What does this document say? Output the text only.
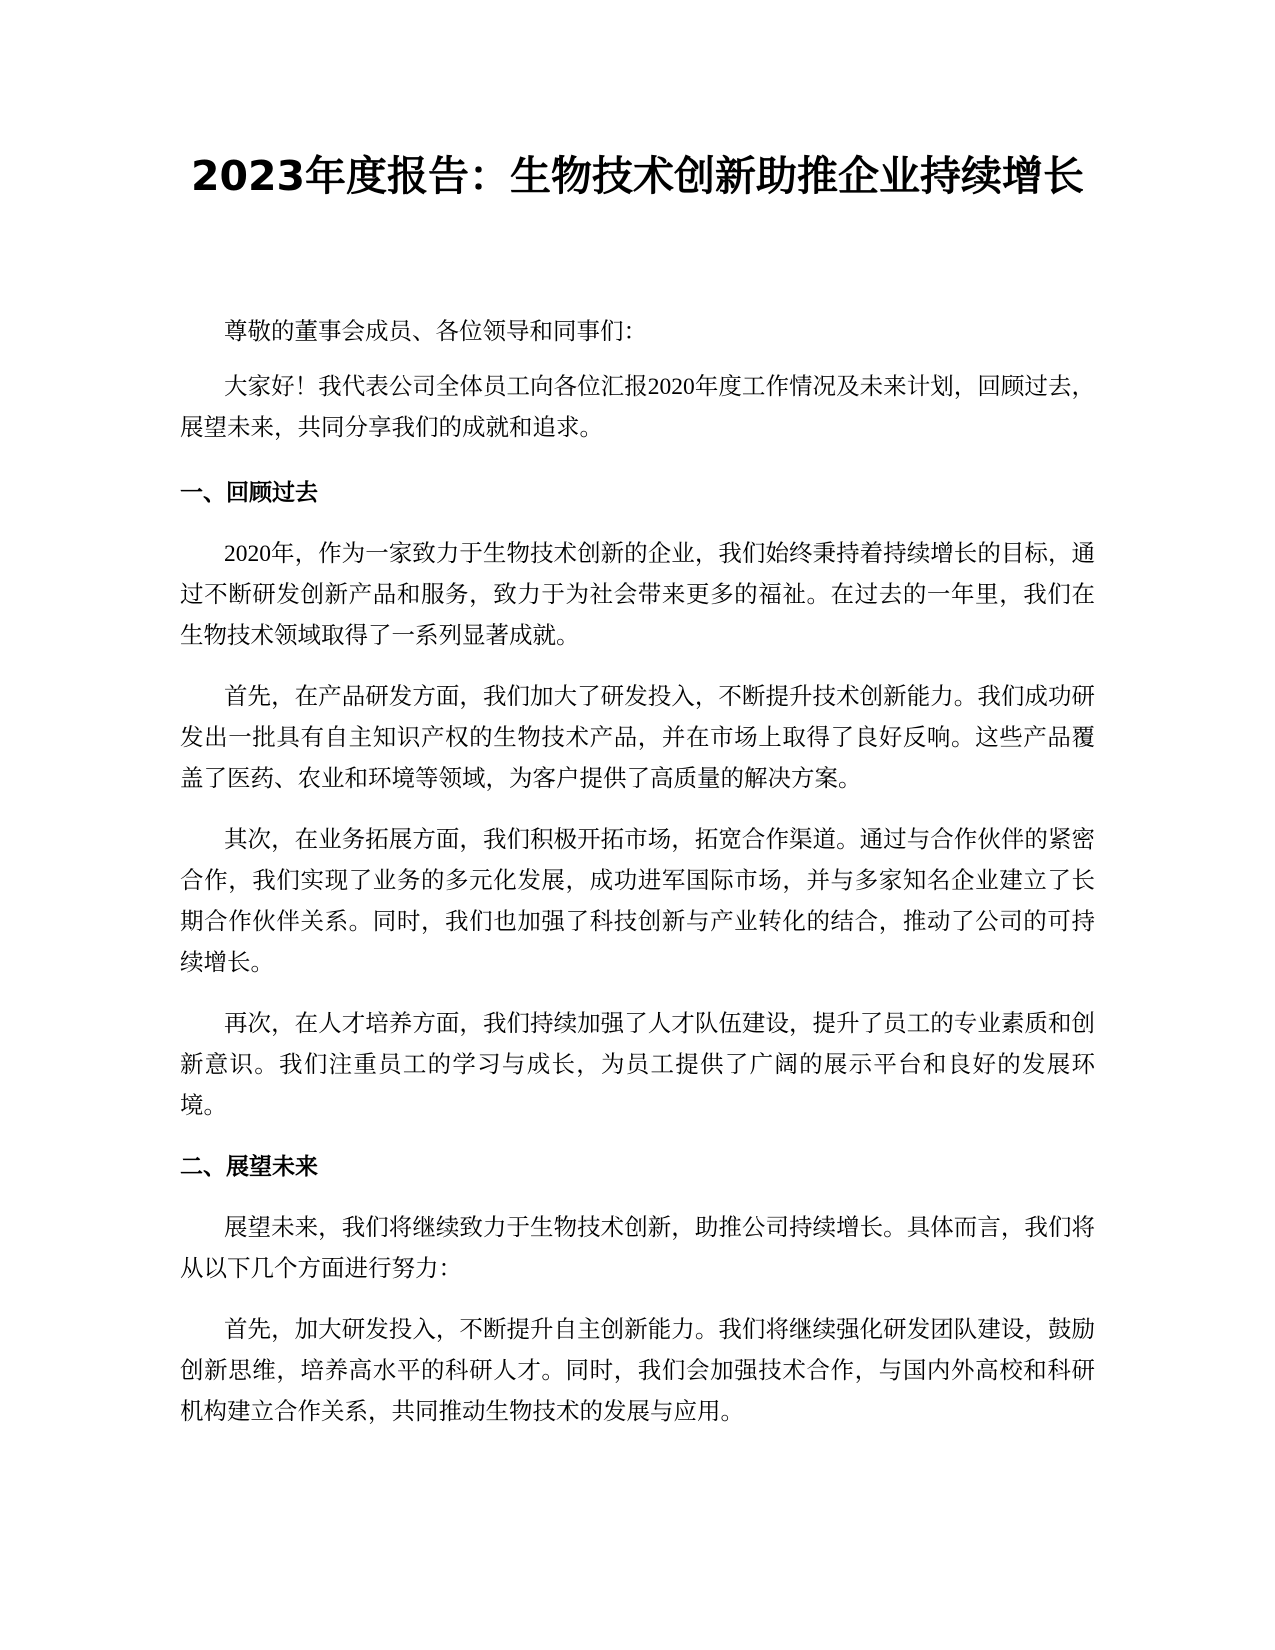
2023年度报告：生物技术创新助推企业持续增长

尊敬的董事会成员、各位领导和同事们：

大家好！我代表公司全体员工向各位汇报2020年度工作情况及未来计划，回顾过去，展望未来，共同分享我们的成就和追求。

一、回顾过去

2020年，作为一家致力于生物技术创新的企业，我们始终秉持着持续增长的目标，通过不断研发创新产品和服务，致力于为社会带来更多的福祉。在过去的一年里，我们在生物技术领域取得了一系列显著成就。

首先，在产品研发方面，我们加大了研发投入，不断提升技术创新能力。我们成功研发出一批具有自主知识产权的生物技术产品，并在市场上取得了良好反响。这些产品覆盖了医药、农业和环境等领域，为客户提供了高质量的解决方案。

其次，在业务拓展方面，我们积极开拓市场，拓宽合作渠道。通过与合作伙伴的紧密合作，我们实现了业务的多元化发展，成功进军国际市场，并与多家知名企业建立了长期合作伙伴关系。同时，我们也加强了科技创新与产业转化的结合，推动了公司的可持续增长。

再次，在人才培养方面，我们持续加强了人才队伍建设，提升了员工的专业素质和创新意识。我们注重员工的学习与成长，为员工提供了广阔的展示平台和良好的发展环境。

二、展望未来

展望未来，我们将继续致力于生物技术创新，助推公司持续增长。具体而言，我们将从以下几个方面进行努力：

首先，加大研发投入，不断提升自主创新能力。我们将继续强化研发团队建设，鼓励创新思维，培养高水平的科研人才。同时，我们会加强技术合作，与国内外高校和科研机构建立合作关系，共同推动生物技术的发展与应用。
